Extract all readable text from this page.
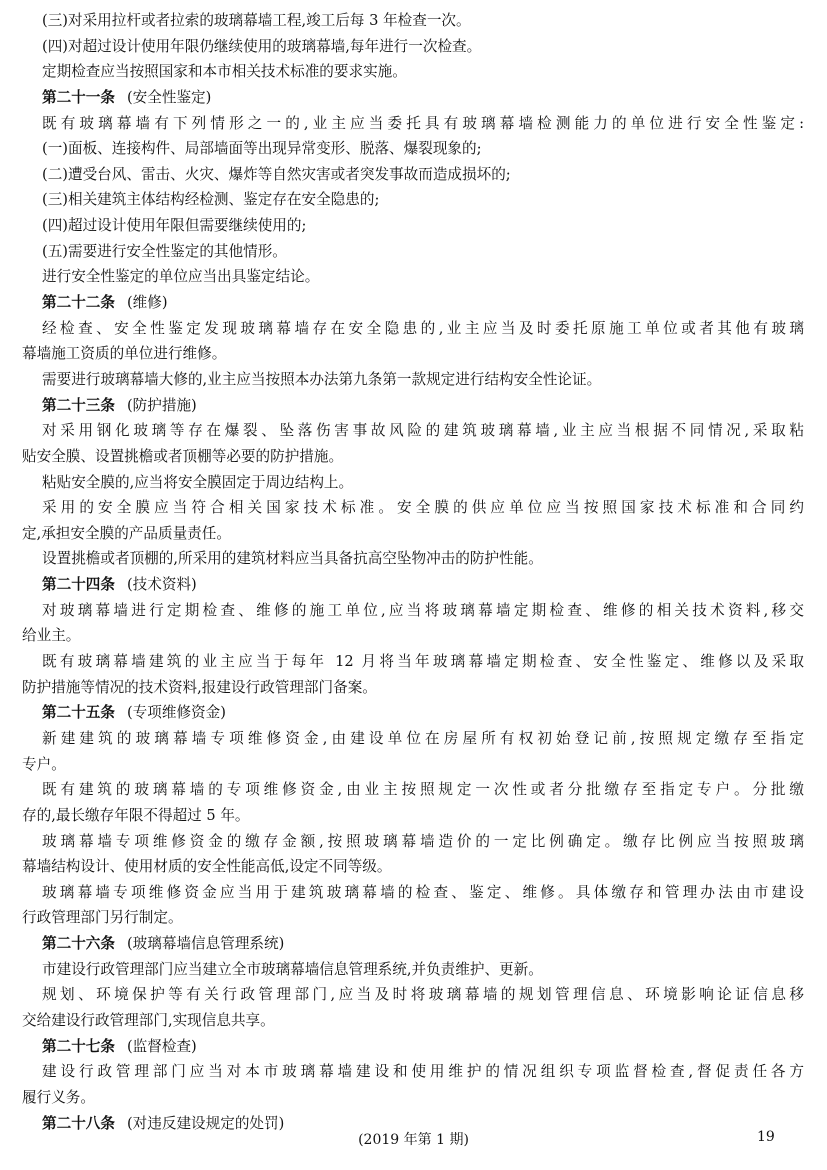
(三)对采用拉杆或者拉索的玻璃幕墙工程,竣工后每 3 年检查一次。
(四)对超过设计使用年限仍继续使用的玻璃幕墙,每年进行一次检查。
定期检查应当按照国家和本市相关技术标准的要求实施。
第二十一条 (安全性鉴定)
既有玻璃幕墙有下列情形之一的,业主应当委托具有玻璃幕墙检测能力的单位进行安全性鉴定:
(一)面板、连接构件、局部墙面等出现异常变形、脱落、爆裂现象的;
(二)遭受台风、雷击、火灾、爆炸等自然灾害或者突发事故而造成损坏的;
(三)相关建筑主体结构经检测、鉴定存在安全隐患的;
(四)超过设计使用年限但需要继续使用的;
(五)需要进行安全性鉴定的其他情形。
进行安全性鉴定的单位应当出具鉴定结论。
第二十二条 (维修)
经检查、安全性鉴定发现玻璃幕墙存在安全隐患的,业主应当及时委托原施工单位或者其他有玻璃
幕墙施工资质的单位进行维修。
需要进行玻璃幕墙大修的,业主应当按照本办法第九条第一款规定进行结构安全性论证。
第二十三条 (防护措施)
对采用钢化玻璃等存在爆裂、坠落伤害事故风险的建筑玻璃幕墙,业主应当根据不同情况,采取粘
贴安全膜、设置挑檐或者顶棚等必要的防护措施。
粘贴安全膜的,应当将安全膜固定于周边结构上。
采用的安全膜应当符合相关国家技术标准。安全膜的供应单位应当按照国家技术标准和合同约
定,承担安全膜的产品质量责任。
设置挑檐或者顶棚的,所采用的建筑材料应当具备抗高空坠物冲击的防护性能。
第二十四条 (技术资料)
对玻璃幕墙进行定期检查、维修的施工单位,应当将玻璃幕墙定期检查、维修的相关技术资料,移交
给业主。
既有玻璃幕墙建筑的业主应当于每年 12 月将当年玻璃幕墙定期检查、安全性鉴定、维修以及采取
防护措施等情况的技术资料,报建设行政管理部门备案。
第二十五条 (专项维修资金)
新建建筑的玻璃幕墙专项维修资金,由建设单位在房屋所有权初始登记前,按照规定缴存至指定
专户。
既有建筑的玻璃幕墙的专项维修资金,由业主按照规定一次性或者分批缴存至指定专户。分批缴
存的,最长缴存年限不得超过 5 年。
玻璃幕墙专项维修资金的缴存金额,按照玻璃幕墙造价的一定比例确定。缴存比例应当按照玻璃
幕墙结构设计、使用材质的安全性能高低,设定不同等级。
玻璃幕墙专项维修资金应当用于建筑玻璃幕墙的检查、鉴定、维修。具体缴存和管理办法由市建设
行政管理部门另行制定。
第二十六条 (玻璃幕墙信息管理系统)
市建设行政管理部门应当建立全市玻璃幕墙信息管理系统,并负责维护、更新。
规划、环境保护等有关行政管理部门,应当及时将玻璃幕墙的规划管理信息、环境影响论证信息移
交给建设行政管理部门,实现信息共享。
第二十七条 (监督检查)
建设行政管理部门应当对本市玻璃幕墙建设和使用维护的情况组织专项监督检查,督促责任各方
履行义务。
第二十八条 (对违反建设规定的处罚)
(2019 年第 1 期)	19
